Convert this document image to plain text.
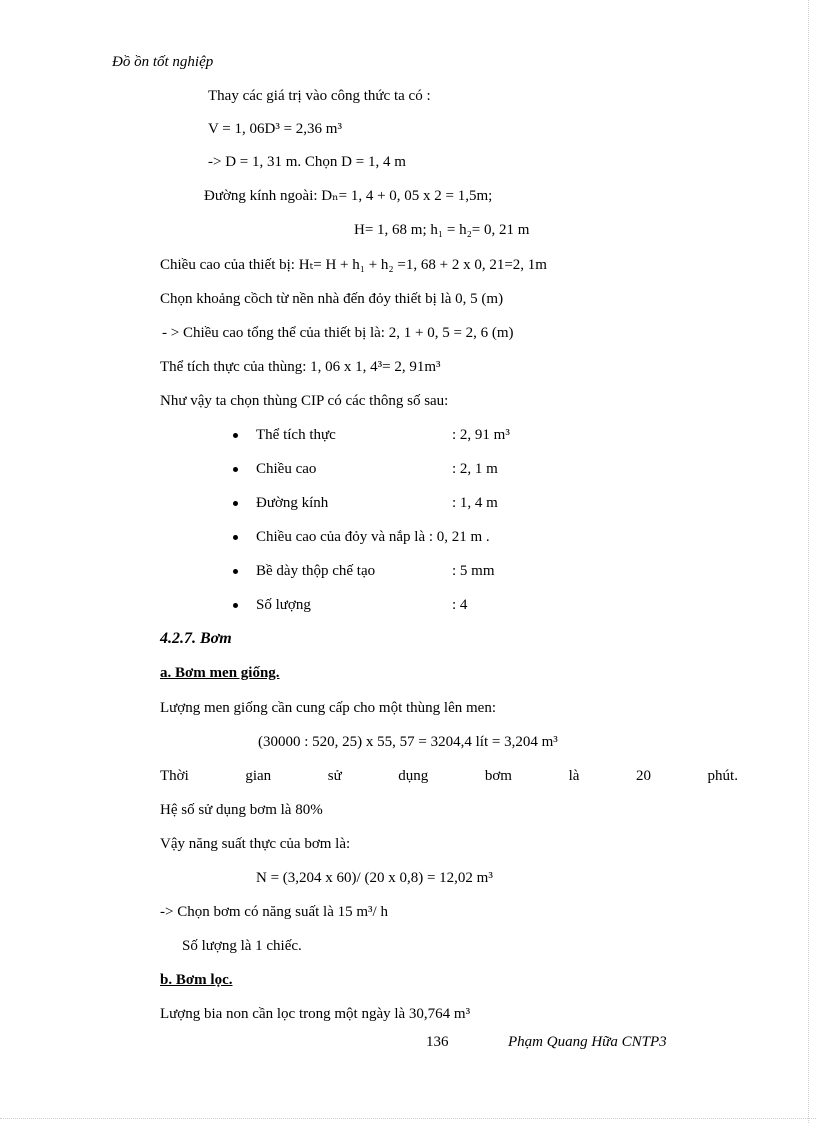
Đồ ồn tốt nghiệp
Thay các giá trị vào công thức ta có :
V = 1, 06D³ = 2,36 m³
-> D = 1, 31 m. Chọn D = 1, 4 m
Đường kính ngoài: Dₙ= 1, 4 + 0, 05 x 2 = 1,5m;
H= 1, 68 m; h₁ = h₂= 0, 21 m
Chiều cao của thiết bị: Hₜ= H + h₁ + h₂ =1, 68 + 2 x 0, 21=2, 1m
Chọn khoảng cồch từ nền nhà đến đỏy thiết bị là 0, 5 (m)
- > Chiều cao tổng thể của thiết bị là: 2, 1 + 0, 5 = 2, 6 (m)
Thể tích thực của thùng: 1, 06 x 1, 4³= 2, 91m³
Như vậy ta chọn thùng CIP có các thông số sau:
Thể tích thực	: 2, 91 m³
Chiều cao	: 2, 1 m
Đường kính	: 1, 4 m
Chiều cao của đỏy và nắp là : 0, 21 m .
Bề dày thộp chế tạo	: 5 mm
Số lượng	: 4
4.2.7. Bơm
a. Bơm men giống.
Lượng men giống cần cung cấp cho một thùng lên men:
(30000 : 520, 25) x 55, 57 = 3204,4 lít = 3,204 m³
Thời	gian	sử	dụng	bơm	là	20	phút.
Hệ số sử dụng bơm là 80%
Vậy năng suất thực của bơm là:
N = (3,204 x 60)/ (20 x 0,8) = 12,02 m³
-> Chọn bơm có năng suất là 15 m³/ h
Số lượng là 1 chiếc.
b. Bơm lọc.
Lượng bia non cần lọc trong một ngày là 30,764 m³
136	Phạm Quang Hữa CNTP3
